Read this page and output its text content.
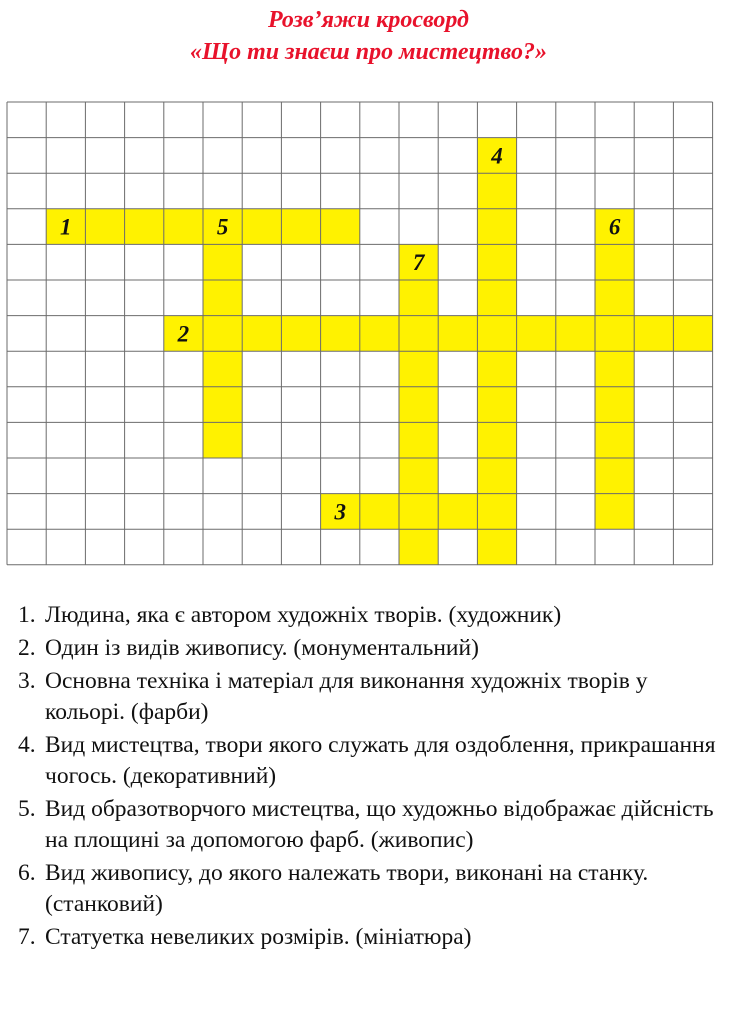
Розв’яжи кросворд
«Що ти знаєш про мистецтво?»
1
2
3
4
5	6
7
1. Людина, яка є автором художніх творів. (художник)
2. Один із видів живопису. (монументальний)
3. Основна техніка і матеріал для виконання художніх творів у кольорі. (фарби)
4. Вид мистецтва, твори якого служать для оздоблення, прикрашання чогось. (декоративний)
5. Вид образотворчого мистецтва, що художньо відображає дійсність на площині за допомогою фарб. (живопис)
6. Вид живопису, до якого належать твори, виконані на станку. (станковий)
7. Статуетка невеликих розмірів. (мініатюра)
